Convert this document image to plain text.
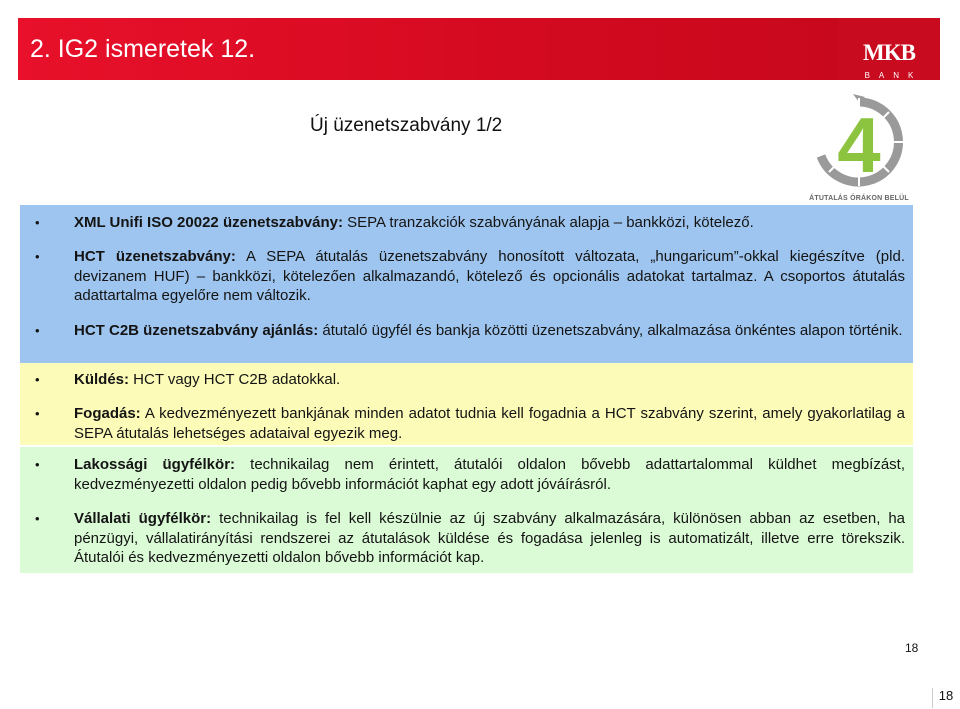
2. IG2 ismeretek 12.	MKB
BANK
Új üzenetszabvány 1/2	4
ÁTUTALÁS ÓRÁKON BELÜL
• XML Unifi ISO 20022 üzenetszabvány: SEPA tranzakciók szabványának alapja – bankközi, kötelező.
• HCT üzenetszabvány: A SEPA átutalás üzenetszabvány honosított változata, „hungaricum”-okkal kiegészítve (pld. devizanem HUF) – bankközi, kötelezően alkalmazandó, kötelező és opcionális adatokat tartalmaz. A csoportos átutalás adattartalma egyelőre nem változik.
• HCT C2B üzenetszabvány ajánlás: átutaló ügyfél és bankja közötti üzenetszabvány, alkalmazása önkéntes alapon történik.
• Küldés: HCT vagy HCT C2B adatokkal.
• Fogadás: A kedvezményezett bankjának minden adatot tudnia kell fogadnia a HCT szabvány szerint, amely gyakorlatilag a SEPA átutalás lehetséges adataival egyezik meg.
• Lakossági ügyfélkör: technikailag nem érintett, átutalói oldalon bővebb adattartalommal küldhet megbízást, kedvezményezetti oldalon pedig bővebb információt kaphat egy adott jóváírásról.
• Vállalati ügyfélkör: technikailag is fel kell készülnie az új szabvány alkalmazására, különösen abban az esetben, ha pénzügyi, vállalatirányítási rendszerei az átutalások küldése és fogadása jelenleg is automatizált, illetve erre törekszik. Átutalói és kedvezményezetti oldalon bővebb információt kap.
18
18
